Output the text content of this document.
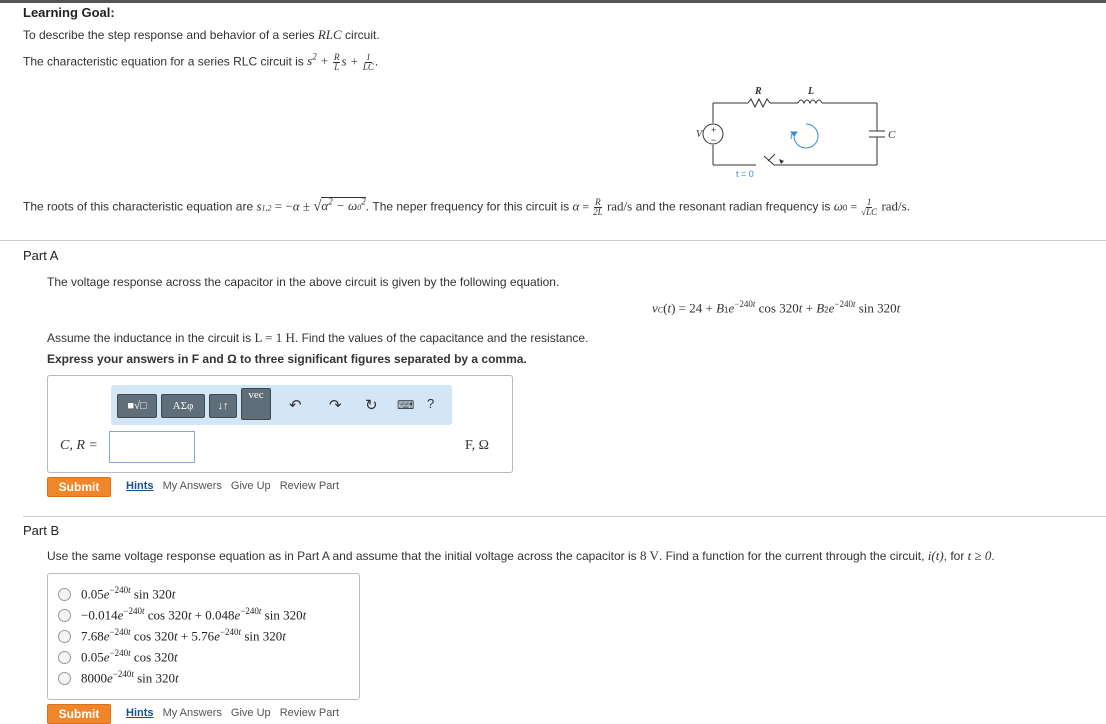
Learning Goal:
To describe the step response and behavior of a series RLC circuit.
The characteristic equation for a series RLC circuit is $s^2 + \frac{R}{L}$ $s + \frac{1}{LC}$ .
+
−
R	L
C
V	i
t = 0
The roots of this characteristic equation are $s1,2 = -\alpha \pm √\alpha^2 - \omega 0^2$. The neper frequency for this circuit is $\alpha = \frac{R}{2L} rad/s$ and the resonant radian frequency is $\omega 0 = \frac{1}{√LC} rad/s$.
Part A
The voltage response across the capacitor in the above circuit is given by the following equation.
$vC(t) = 24 + B1e^{-240t}$ $\cos 320t + B2e^{-240t}$ sin 320t
Assume the inductance in the circuit is L = 1 H. Find the values of the capacitance and the resistance.
Express your answers in F and Ω to three significant figures separated by a comma.
■√□	ΑΣφ	↓↑
vec
↶ ↷ ↻ ⌨ ?
C, R =	F, Ω
Submit	Hints My Answers Give Up Review Part
Part B
Use the same voltage response equation as in Part A and assume that the initial voltage across the capacitor is 8 V. Find a function for the current through the circuit, i(t), for t ≥ 0.
$0.05e^{-240t}$ sin 320t
$-0.014e^{-240t}$ $\cos 320t + 0.048e^{-240t}$ sin 320t
$7.68e^{-240t}$ $\cos 320t + 5.76e^{-240t}$ sin 320t
$0.05e^{-240t}$ cos 320t
$8000e^{-240t}$ sin 320t
Submit	Hints My Answers Give Up Review Part
